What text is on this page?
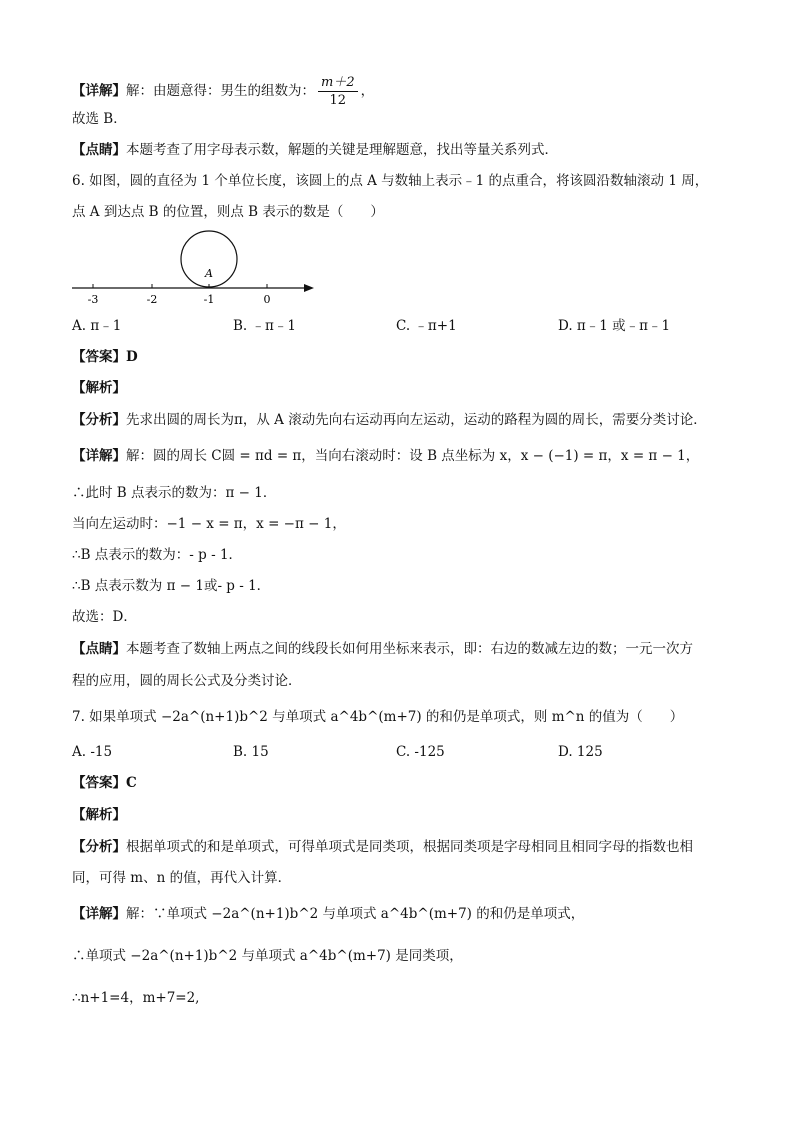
【详解】解：由题意得：男生的组数为： $\frac{m+2}{12}$ ，
故选 B．
【点睛】本题考查了用字母表示数，解题的关键是理解题意，找出等量关系列式．
6. 如图，圆的直径为 1 个单位长度，该圆上的点 A 与数轴上表示﹣1 的点重合，将该圆沿数轴滚动 1 周，
点 A 到达点 B 的位置，则点 B 表示的数是（　　）
A
-3	-2	-1	0
A. π﹣1	B. ﹣π﹣1	C. ﹣π+1	D. π﹣1 或﹣π﹣1
【答案】D
【解析】
【分析】先求出圆的周长为π，从 A 滚动先向右运动再向左运动，运动的路程为圆的周长，需要分类讨论．
【详解】解：圆的周长 C圆 = πd = π，当向右滚动时：设 B 点坐标为 x，x − (−1) = π，x = π − 1，
∴此时 B 点表示的数为：π − 1．
当向左运动时：−1 − x = π，x = −π − 1，
∴B 点表示的数为：- p - 1．
∴B 点表示数为 π − 1或- p - 1．
故选：D．
【点睛】本题考查了数轴上两点之间的线段长如何用坐标来表示，即：右边的数减左边的数；一元一次方
程的应用，圆的周长公式及分类讨论．
7. 如果单项式 −2a^(n+1)b^2 与单项式 a^4b^(m+7) 的和仍是单项式，则 m^n 的值为（　　）
A. -15	B. 15	C. -125	D. 125
【答案】C
【解析】
【分析】根据单项式的和是单项式，可得单项式是同类项，根据同类项是字母相同且相同字母的指数也相
同，可得 m、n 的值，再代入计算．
【详解】解：∵单项式 −2a^(n+1)b^2 与单项式 a^4b^(m+7) 的和仍是单项式，
∴单项式 −2a^(n+1)b^2 与单项式 a^4b^(m+7) 是同类项，
∴n+1=4，m+7=2,
